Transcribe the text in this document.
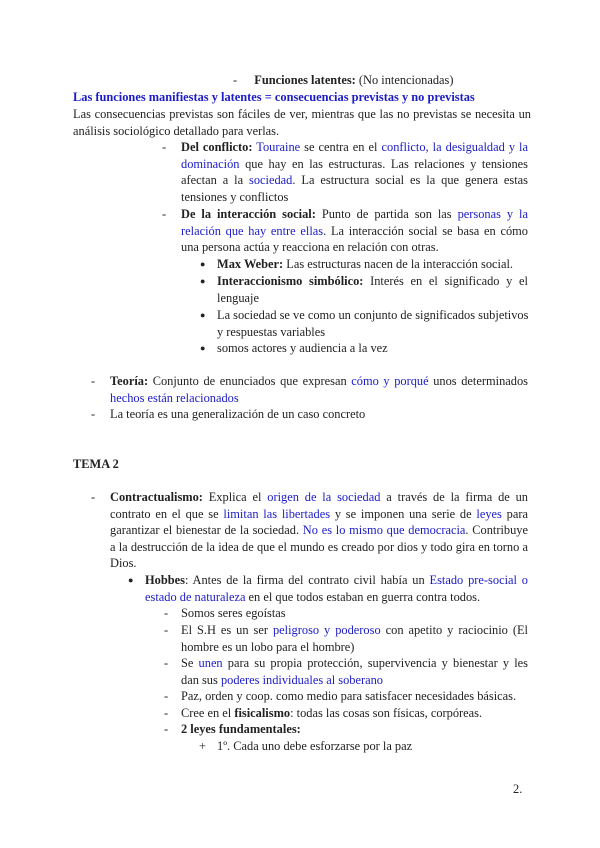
- Funciones latentes: (No intencionadas)
Las funciones manifiestas y latentes = consecuencias previstas y no previstas
Las consecuencias previstas son fáciles de ver, mientras que las no previstas se necesita un análisis sociológico detallado para verlas.
- Del conflicto: Touraine se centra en el conflicto, la desigualdad y la dominación que hay en las estructuras. Las relaciones y tensiones afectan a la sociedad. La estructura social es la que genera estas tensiones y conflictos
- De la interacción social: Punto de partida son las personas y la relación que hay entre ellas. La interacción social se basa en cómo una persona actúa y reacciona en relación con otras.
● Max Weber: Las estructuras nacen de la interacción social.
● Interaccionismo simbólico: Interés en el significado y el lenguaje
● La sociedad se ve como un conjunto de significados subjetivos y respuestas variables
● somos actores y audiencia a la vez
- Teoría: Conjunto de enunciados que expresan cómo y porqué unos determinados hechos están relacionados
- La teoría es una generalización de un caso concreto
TEMA 2
- Contractualismo: Explica el origen de la sociedad a través de la firma de un contrato en el que se limitan las libertades y se imponen una serie de leyes para garantizar el bienestar de la sociedad. No es lo mismo que democracia. Contribuye a la destrucción de la idea de que el mundo es creado por dios y todo gira en torno a Dios.
● Hobbes: Antes de la firma del contrato civil había un Estado pre-social o estado de naturaleza en el que todos estaban en guerra contra todos.
- Somos seres egoístas
- El S.H es un ser peligroso y poderoso con apetito y raciocinio (El hombre es un lobo para el hombre)
- Se unen para su propia protección, supervivencia y bienestar y les dan sus poderes individuales al soberano
- Paz, orden y coop. como medio para satisfacer necesidades básicas.
- Cree en el fisicalismo: todas las cosas son físicas, corpóreas.
- 2 leyes fundamentales:
+ 1º. Cada uno debe esforzarse por la paz
2.
